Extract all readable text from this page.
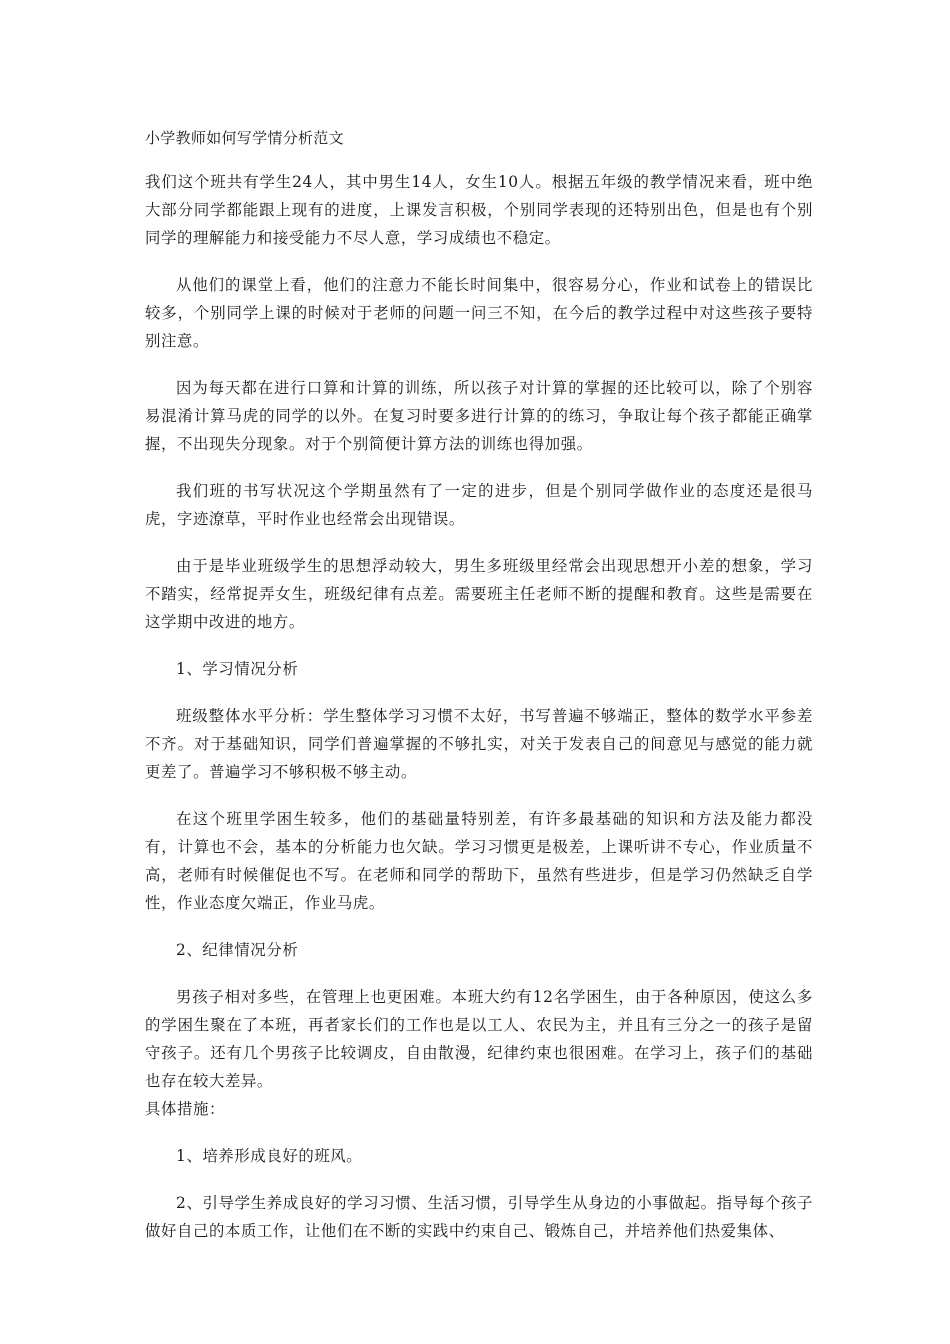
小学教师如何写学情分析范文

我们这个班共有学生24人，其中男生14人，女生10人。根据五年级的教学情况来看，班中绝大部分同学都能跟上现有的进度，上课发言积极，个别同学表现的还特别出色，但是也有个别同学的理解能力和接受能力不尽人意，学习成绩也不稳定。

从他们的课堂上看，他们的注意力不能长时间集中，很容易分心，作业和试卷上的错误比较多，个别同学上课的时候对于老师的问题一问三不知，在今后的教学过程中对这些孩子要特别注意。

因为每天都在进行口算和计算的训练，所以孩子对计算的掌握的还比较可以，除了个别容易混淆计算马虎的同学的以外。在复习时要多进行计算的的练习，争取让每个孩子都能正确掌握，不出现失分现象。对于个别简便计算方法的训练也得加强。

我们班的书写状况这个学期虽然有了一定的进步，但是个别同学做作业的态度还是很马虎，字迹潦草，平时作业也经常会出现错误。

由于是毕业班级学生的思想浮动较大，男生多班级里经常会出现思想开小差的想象，学习不踏实，经常捉弄女生，班级纪律有点差。需要班主任老师不断的提醒和教育。这些是需要在这学期中改进的地方。

1、学习情况分析

班级整体水平分析：学生整体学习习惯不太好，书写普遍不够端正，整体的数学水平参差不齐。对于基础知识，同学们普遍掌握的不够扎实，对关于发表自己的间意见与感觉的能力就更差了。普遍学习不够积极不够主动。

在这个班里学困生较多，他们的基础量特别差，有许多最基础的知识和方法及能力都没有，计算也不会，基本的分析能力也欠缺。学习习惯更是极差，上课听讲不专心，作业质量不高，老师有时候催促也不写。在老师和同学的帮助下，虽然有些进步，但是学习仍然缺乏自学性，作业态度欠端正，作业马虎。

2、纪律情况分析

男孩子相对多些，在管理上也更困难。本班大约有12名学困生，由于各种原因，使这么多的学困生聚在了本班，再者家长们的工作也是以工人、农民为主，并且有三分之一的孩子是留守孩子。还有几个男孩子比较调皮，自由散漫，纪律约束也很困难。在学习上，孩子们的基础也存在较大差异。

具体措施：

1、培养形成良好的班风。

2、引导学生养成良好的学习习惯、生活习惯，引导学生从身边的小事做起。指导每个孩子做好自己的本质工作，让他们在不断的实践中约束自己、锻炼自己，并培养他们热爱集体、
